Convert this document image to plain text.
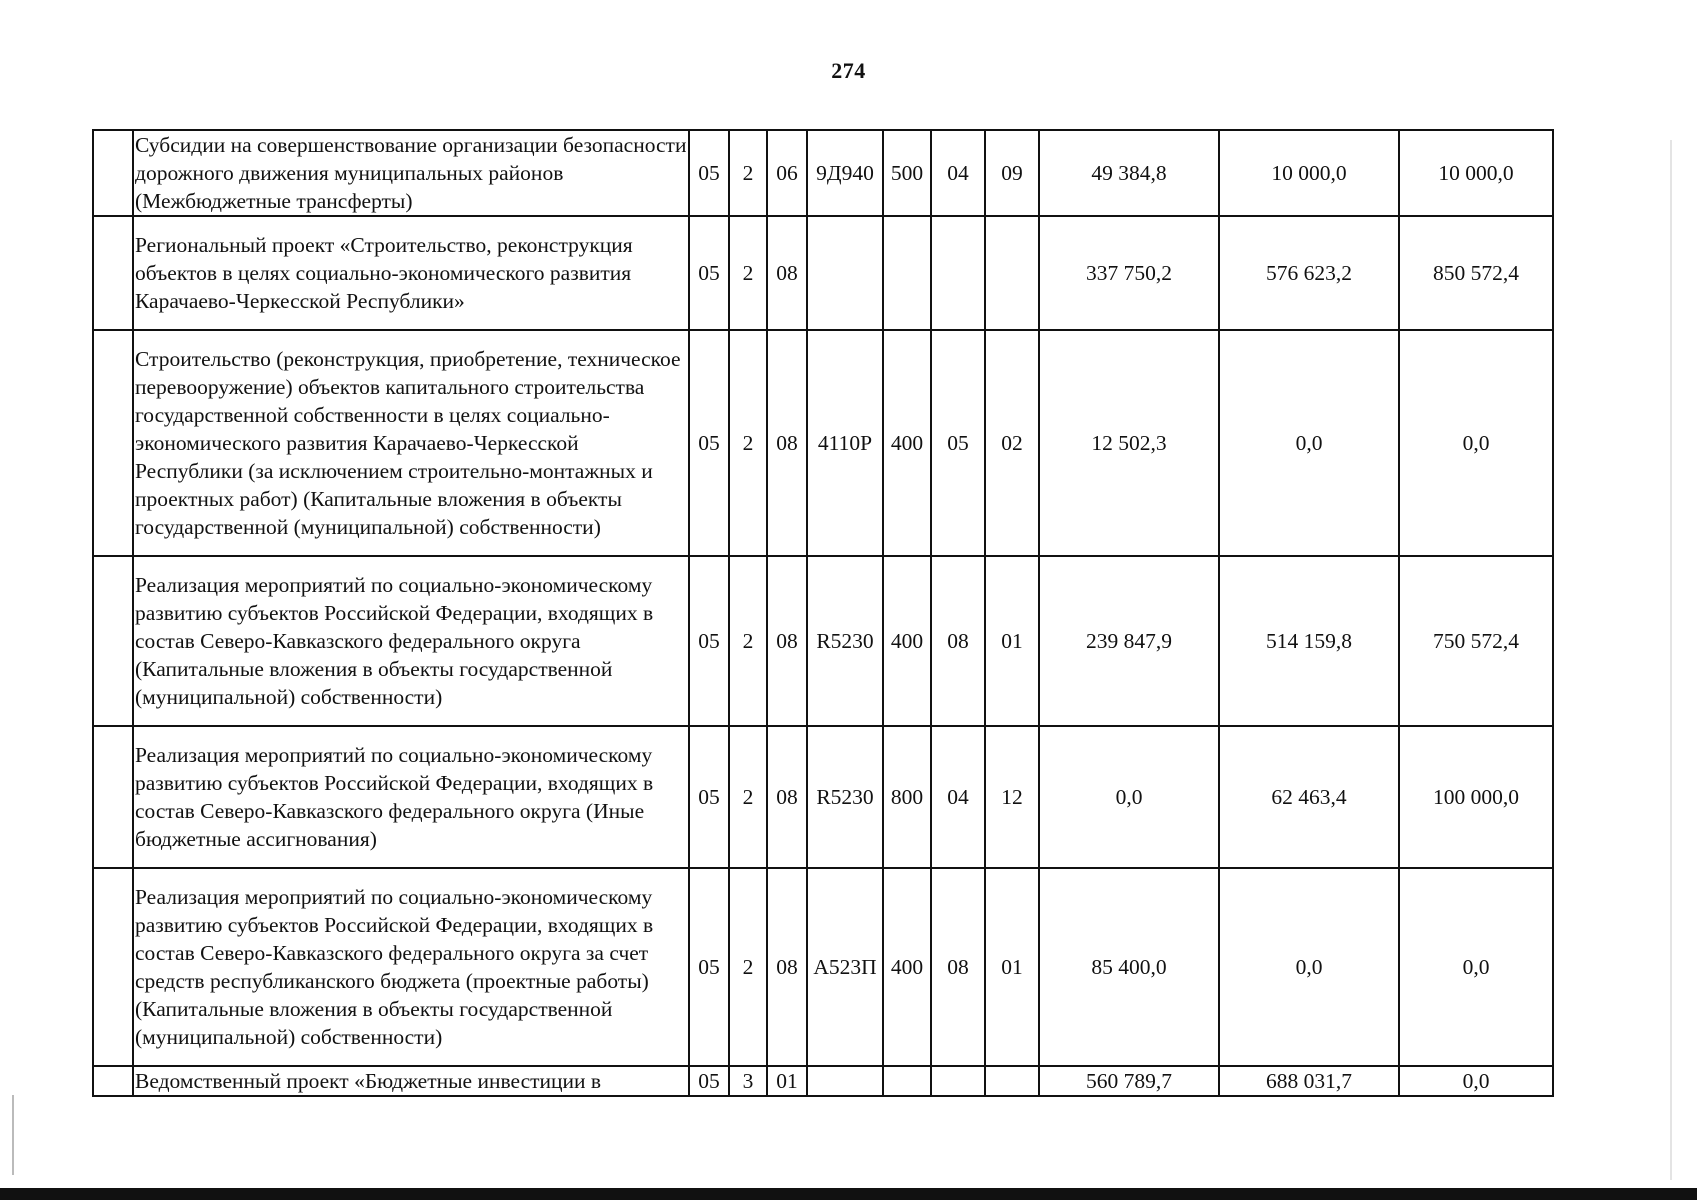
274
	Субсидии на совершенствование организации безопасности дорожного движения муниципальных районов (Межбюджетные трансферты)	05	2	06	9Д940	500	04	09	49 384,8	10 000,0	10 000,0
	Региональный проект «Строительство, реконструкция объектов в целях социально-экономического развития Карачаево-Черкесской Республики»	05	2	08					337 750,2	576 623,2	850 572,4
	Строительство (реконструкция, приобретение, техническое перевооружение) объектов капитального строительства государственной собственности в целях социально-экономического развития Карачаево-Черкесской Республики (за исключением строительно-монтажных и проектных работ) (Капитальные вложения в объекты государственной (муниципальной) собственности)	05	2	08	4110Р	400	05	02	12 502,3	0,0	0,0
	Реализация мероприятий по социально-экономическому развитию субъектов Российской Федерации, входящих в состав Северо-Кавказского федерального округа (Капитальные вложения в объекты государственной (муниципальной) собственности)	05	2	08	R5230	400	08	01	239 847,9	514 159,8	750 572,4
	Реализация мероприятий по социально-экономическому развитию субъектов Российской Федерации, входящих в состав Северо-Кавказского федерального округа (Иные бюджетные ассигнования)	05	2	08	R5230	800	04	12	0,0	62 463,4	100 000,0
	Реализация мероприятий по социально-экономическому развитию субъектов Российской Федерации, входящих в состав Северо-Кавказского федерального округа за счет средств республиканского бюджета (проектные работы) (Капитальные вложения в объекты государственной (муниципальной) собственности)	05	2	08	А523П	400	08	01	85 400,0	0,0	0,0
	Ведомственный проект «Бюджетные инвестиции в	05	3	01					560 789,7	688 031,7	0,0
